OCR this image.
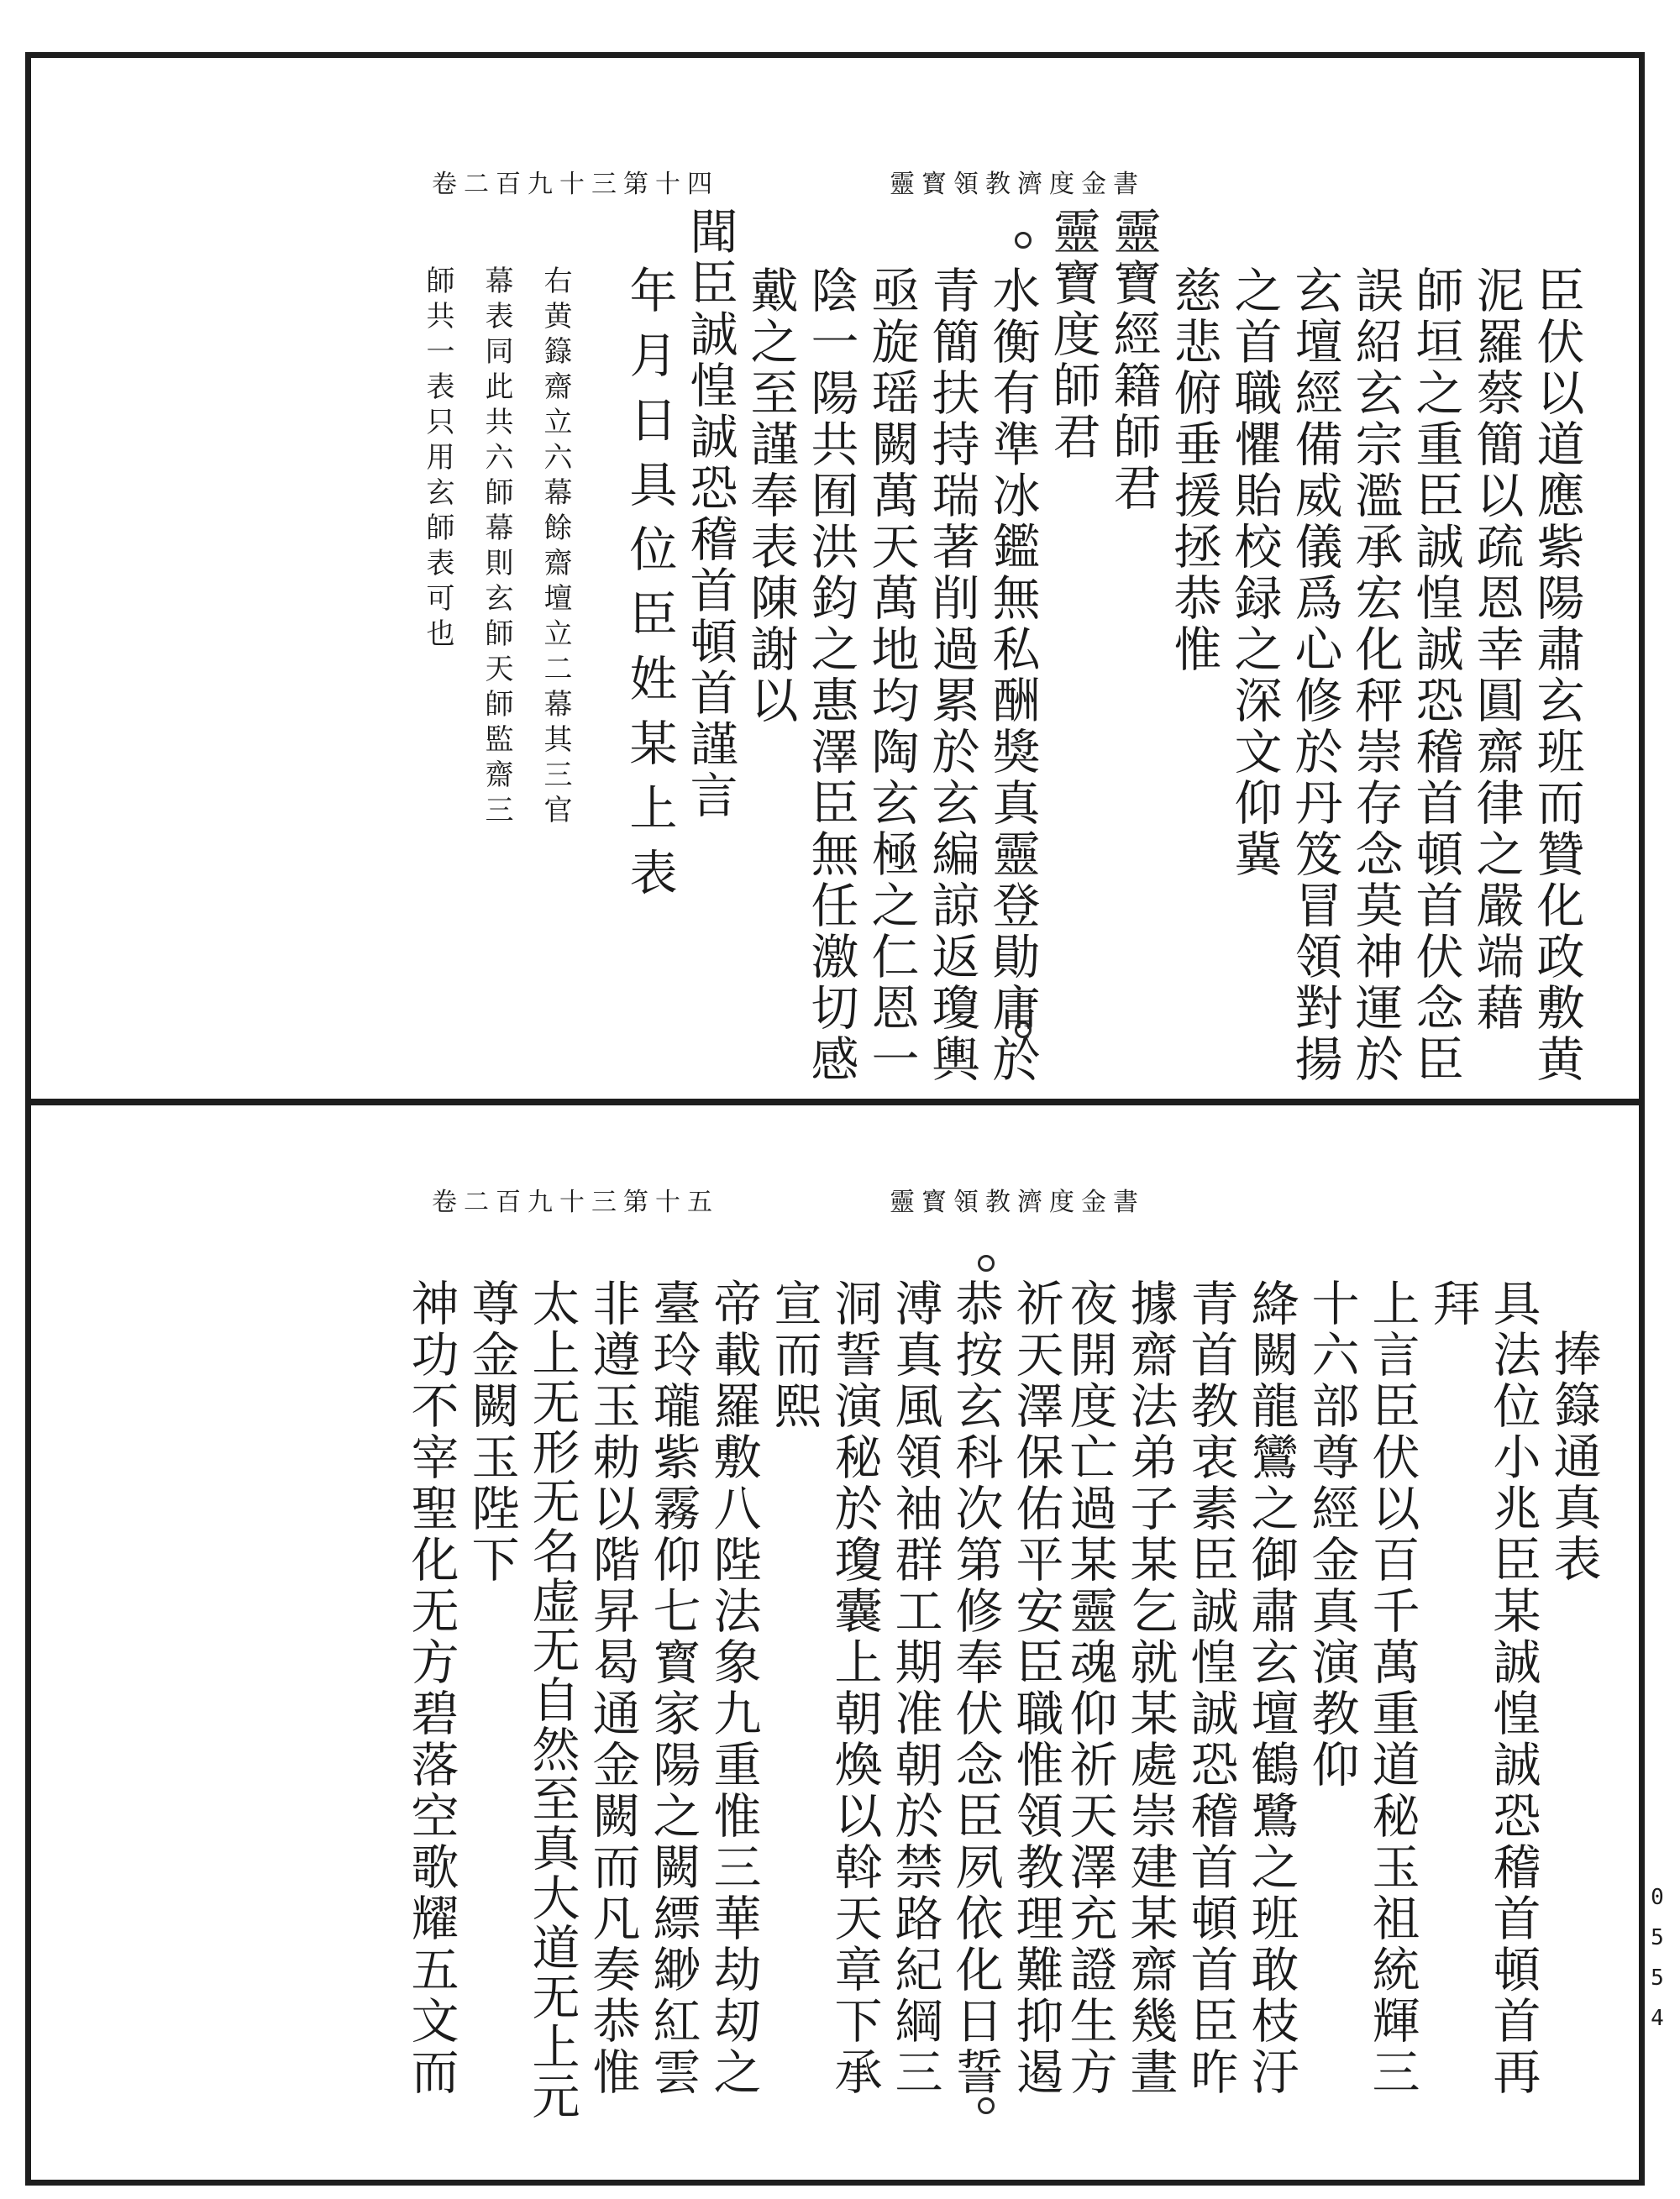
卷二百九十三第十四	靈寳領教濟度金書
臣伏以道應紫陽肅玄班而贊化政敷黄
泥羅蔡簡以疏恩幸圓齋律之嚴端藉
師垣之重臣誠惶誠恐稽首頓首伏念臣
誤紹玄宗濫承宏化秤崇存念莫神運於
玄壇經備威儀爲心修於丹笈冒領對揚
之首職懼貽校録之深文仰冀
慈悲俯垂援拯恭惟
靈寶經籍師君
靈寶度師君
水衡有準冰鑑無私酬獎真靈登勛庸於
青簡扶持瑞著削過累於玄編諒返瓊輿
亟旋瑶闕萬天萬地均陶玄極之仁恩一
陰一陽共囿洪鈞之惠澤臣無任激切感
戴之至謹奉表陳謝以
聞臣誠惶誠恐稽首頓首謹言
年月日具位臣姓某上表
右黄籙齋立六幕餘齋壇立二幕其三官
幕表同此共六師幕則玄師天師監齋三
師共一表只用玄師表可也
卷二百九十三第十五	靈寳領教濟度金書
捧籙通真表
具法位小兆臣某誠惶誠恐稽首頓首再
拜
上言臣伏以百千萬重道秘玉祖統輝三
十六部尊經金真演教仰
絳闕龍鸞之御肅玄壇鶴鷺之班敢枝汙
青首教衷素臣誠惶誠恐稽首頓首臣昨
據齋法弟子某乞就某處崇建某齋幾晝
夜開度亡過某靈魂仰祈天澤充證生方
祈天澤保佑平安臣職惟領教理難抑遏
恭按玄科次第修奉伏念臣夙依化日誓
溥真風領袖群工期准朝於禁路紀綱三
洞誓演秘於瓊囊上朝煥以斡天章下承
宣而熙
帝載羅敷八陛法象九重惟三華劫刧之
臺玲瓏紫霧仰七寳家陽之闕縹緲紅雲
非遵玉勅以階昇曷通金闕而凡奏恭惟
太上无形无名虚无自然至真大道无上元
尊金闕玉陛下
神功不宰聖化无方碧落空歌耀五文而	0554
